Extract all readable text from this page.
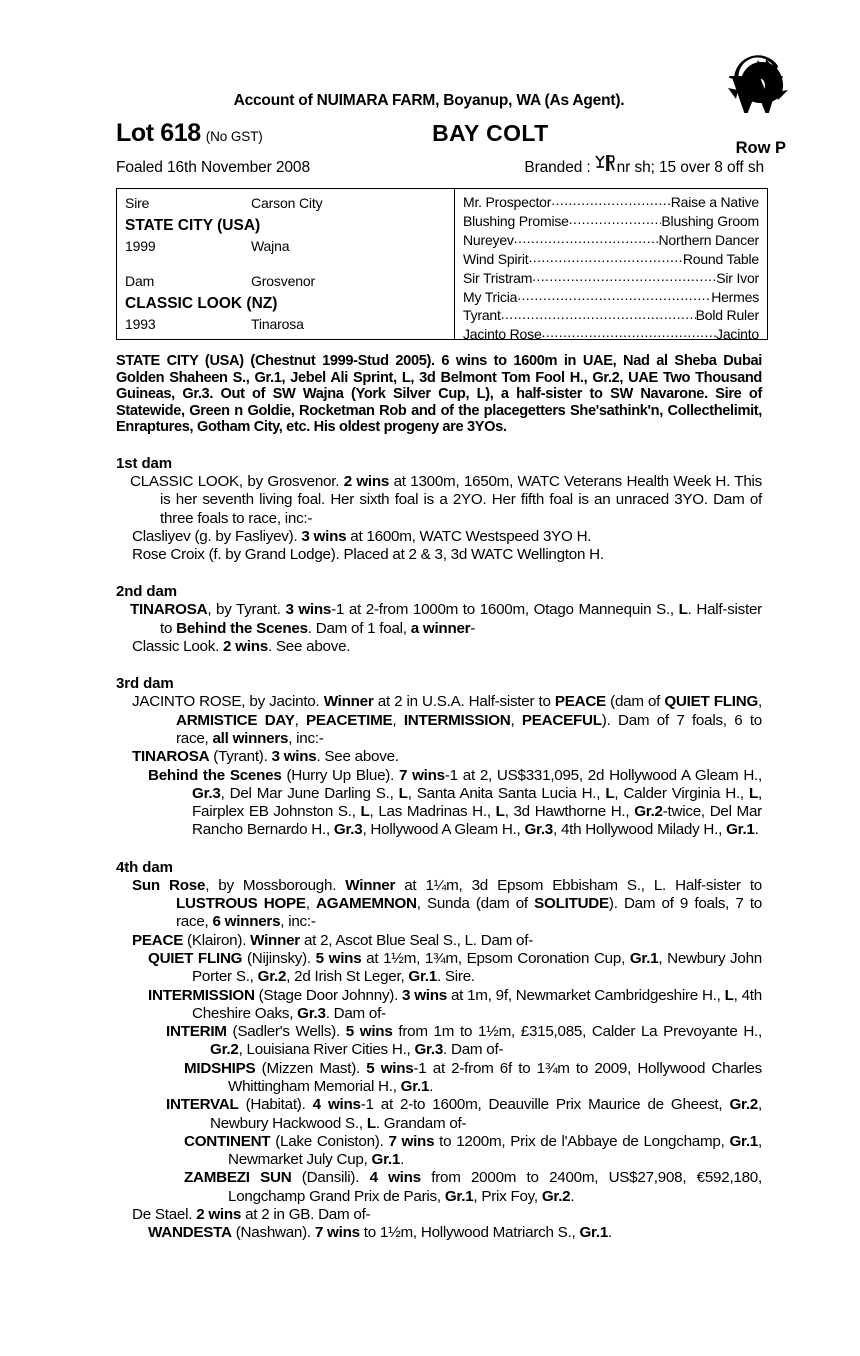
W
Account of NUIMARA FARM, Boyanup, WA (As Agent).
Lot 618 (No GST)	BAY COLT
Row P
Foaled 16th November 2008	Branded : nr sh; 15 over 8 off sh
Sire	Carson City
STATE CITY (USA)
1999	Wajna
Dam	Grosvenor
CLASSIC LOOK (NZ)
1993	Tinarosa
Mr. Prospector .....	Raise a Native
Blushing Promise .....	Blushing Groom
Nureyev .....	Northern Dancer
Wind Spirit .....	Round Table
Sir Tristram .....	Sir Ivor
My Tricia .....	Hermes
Tyrant .....	Bold Ruler
Jacinto Rose .....	Jacinto
STATE CITY (USA) (Chestnut 1999-Stud 2005). 6 wins to 1600m in UAE, Nad al Sheba Dubai Golden Shaheen S., Gr.1, Jebel Ali Sprint, L, 3d Belmont Tom Fool H., Gr.2, UAE Two Thousand Guineas, Gr.3. Out of SW Wajna (York Silver Cup, L), a half-sister to SW Navarone. Sire of Statewide, Green n Goldie, Rocketman Rob and of the placegetters She'sathink'n, Collecthelimit, Enraptures, Gotham City, etc. His oldest progeny are 3YOs.
1st dam
CLASSIC LOOK, by Grosvenor. 2 wins at 1300m, 1650m, WATC Veterans Health Week H. This is her seventh living foal. Her sixth foal is a 2YO. Her fifth foal is an unraced 3YO. Dam of three foals to race, inc:-
Clasliyev (g. by Fasliyev). 3 wins at 1600m, WATC Westspeed 3YO H.
Rose Croix (f. by Grand Lodge). Placed at 2 & 3, 3d WATC Wellington H.
2nd dam
TINAROSA, by Tyrant. 3 wins-1 at 2-from 1000m to 1600m, Otago Mannequin S., L. Half-sister to Behind the Scenes. Dam of 1 foal, a winner-
Classic Look. 2 wins. See above.
3rd dam
JACINTO ROSE, by Jacinto. Winner at 2 in U.S.A. Half-sister to PEACE (dam of QUIET FLING, ARMISTICE DAY, PEACETIME, INTERMISSION, PEACEFUL). Dam of 7 foals, 6 to race, all winners, inc:-
TINAROSA (Tyrant). 3 wins. See above.
Behind the Scenes (Hurry Up Blue). 7 wins-1 at 2, US$331,095, 2d Hollywood A Gleam H., Gr.3, Del Mar June Darling S., L, Santa Anita Santa Lucia H., L, Calder Virginia H., L, Fairplex EB Johnston S., L, Las Madrinas H., L, 3d Hawthorne H., Gr.2-twice, Del Mar Rancho Bernardo H., Gr.3, Hollywood A Gleam H., Gr.3, 4th Hollywood Milady H., Gr.1.
4th dam
Sun Rose, by Mossborough. Winner at 1¼m, 3d Epsom Ebbisham S., L. Half-sister to LUSTROUS HOPE, AGAMEMNON, Sunda (dam of SOLITUDE). Dam of 9 foals, 7 to race, 6 winners, inc:-
PEACE (Klairon). Winner at 2, Ascot Blue Seal S., L. Dam of-
QUIET FLING (Nijinsky). 5 wins at 1½m, 1¾m, Epsom Coronation Cup, Gr.1, Newbury John Porter S., Gr.2, 2d Irish St Leger, Gr.1. Sire.
INTERMISSION (Stage Door Johnny). 3 wins at 1m, 9f, Newmarket Cambridgeshire H., L, 4th Cheshire Oaks, Gr.3. Dam of-
INTERIM (Sadler's Wells). 5 wins from 1m to 1½m, £315,085, Calder La Prevoyante H., Gr.2, Louisiana River Cities H., Gr.3. Dam of-
MIDSHIPS (Mizzen Mast). 5 wins-1 at 2-from 6f to 1¾m to 2009, Hollywood Charles Whittingham Memorial H., Gr.1.
INTERVAL (Habitat). 4 wins-1 at 2-to 1600m, Deauville Prix Maurice de Gheest, Gr.2, Newbury Hackwood S., L. Grandam of-
CONTINENT (Lake Coniston). 7 wins to 1200m, Prix de l'Abbaye de Longchamp, Gr.1, Newmarket July Cup, Gr.1.
ZAMBEZI SUN (Dansili). 4 wins from 2000m to 2400m, US$27,908, €592,180, Longchamp Grand Prix de Paris, Gr.1, Prix Foy, Gr.2.
De Stael. 2 wins at 2 in GB. Dam of-
WANDESTA (Nashwan). 7 wins to 1½m, Hollywood Matriarch S., Gr.1.
